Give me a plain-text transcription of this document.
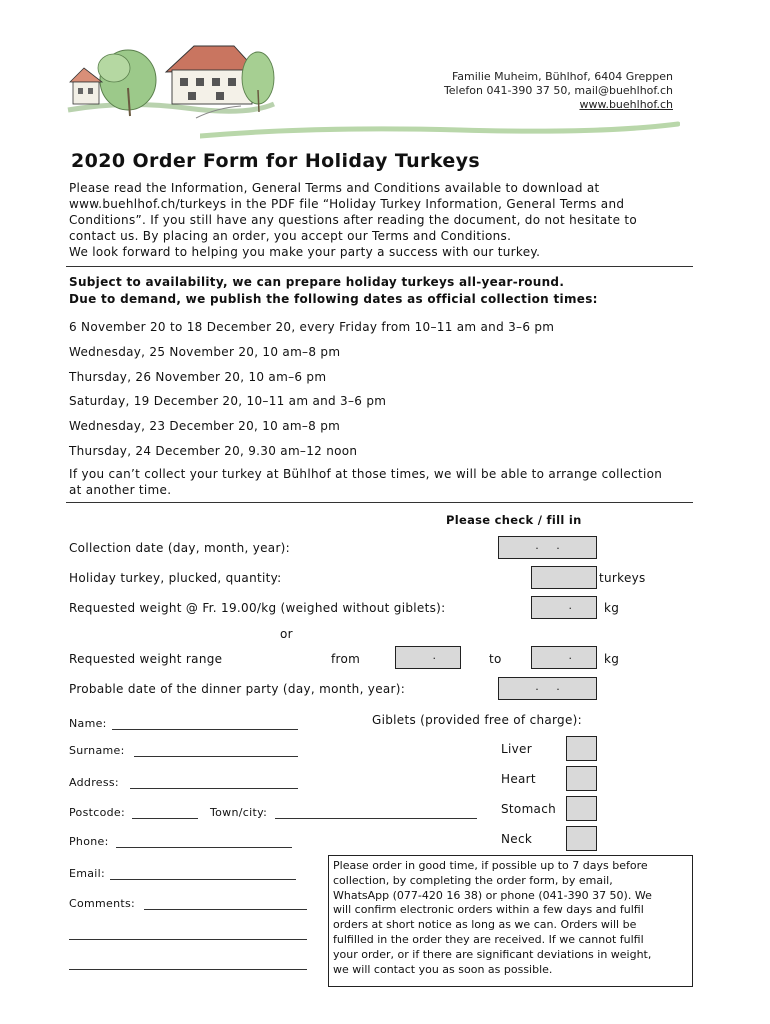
Familie Muheim, Bühlhof, 6404 Greppen
Telefon 041-390 37 50, mail@buehlhof.ch
www.buehlhof.ch
2020 Order Form for Holiday Turkeys
Please read the Information, General Terms and Conditions available to download at
www.buehlhof.ch/turkeys in the PDF file “Holiday Turkey Information, General Terms and
Conditions”. If you still have any questions after reading the document, do not hesitate to
contact us. By placing an order, you accept our Terms and Conditions.
We look forward to helping you make your party a success with our turkey.
Subject to availability, we can prepare holiday turkeys all-year-round.
Due to demand, we publish the following dates as official collection times:
6 November 20 to 18 December 20, every Friday from 10–11 am and 3–6 pm
Wednesday, 25 November 20, 10 am–8 pm
Thursday, 26 November 20, 10 am–6 pm
Saturday, 19 December 20, 10–11 am and 3–6 pm
Wednesday, 23 December 20, 10 am–8 pm
Thursday, 24 December 20, 9.30 am–12 noon
If you can’t collect your turkey at Bühlhof at those times, we will be able to arrange collection
at another time.
Please check / fill in
Collection date (day, month, year):	.     .
Holiday turkey, plucked, quantity:	turkeys
Requested weight @ Fr. 19.00/kg (weighed without giblets):	.	kg
or
Requested weight range	from	.	to	.	kg
Probable date of the dinner party (day, month, year):	.     .
Name:
Surname:
Address:
Postcode:	Town/city:
Phone:
Email:
Comments:
Giblets (provided free of charge):
Liver
Heart
Stomach
Neck
Please order in good time, if possible up to 7 days before
collection, by completing the order form, by email,
WhatsApp (077-420 16 38) or phone (041-390 37 50). We
will confirm electronic orders within a few days and fulfil
orders at short notice as long as we can. Orders will be
fulfilled in the order they are received. If we cannot fulfil
your order, or if there are significant deviations in weight,
we will contact you as soon as possible.
